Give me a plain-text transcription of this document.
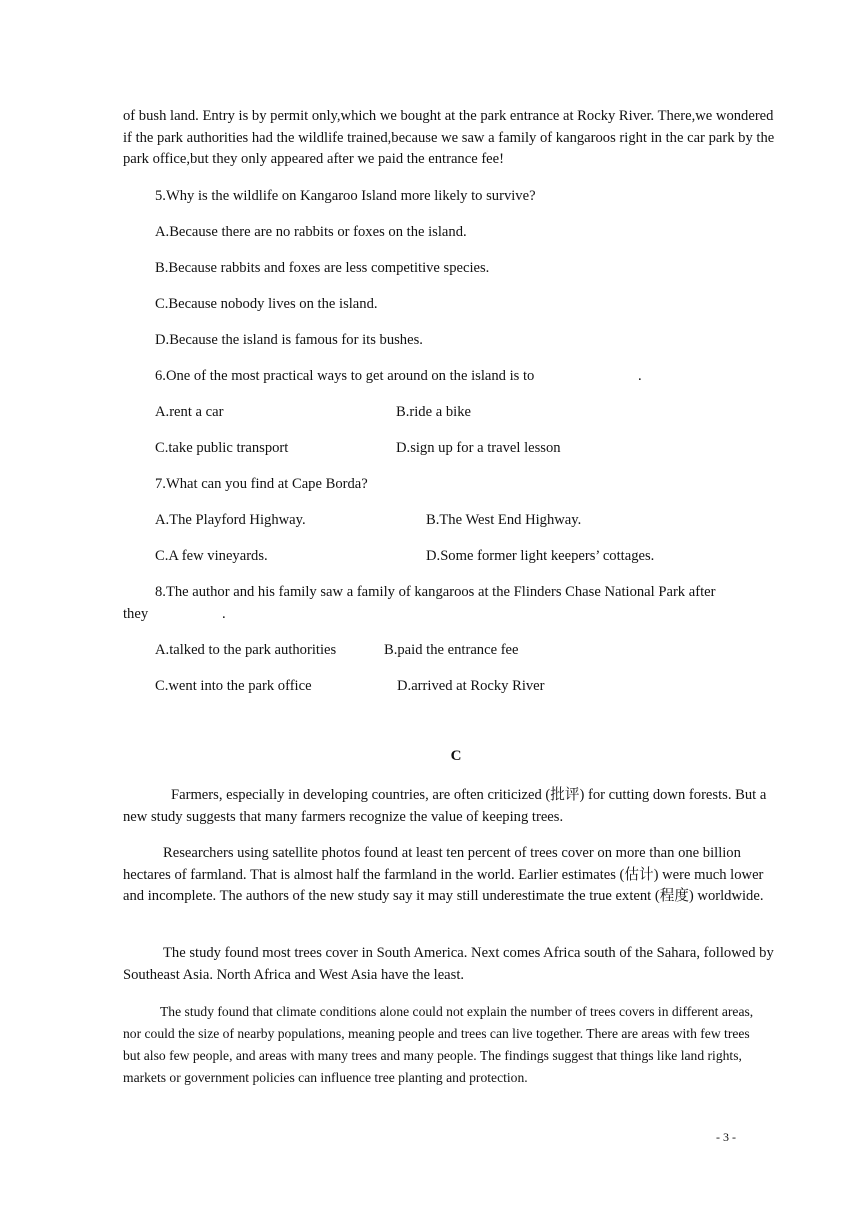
of bush land. Entry is by permit only,which we bought at the park entrance at Rocky River. There,we wondered if the park authorities had the wildlife trained,because we saw a family of kangaroos right in the car park by the park office,but they only appeared after we paid the entrance fee!

5.Why is the wildlife on Kangaroo Island more likely to survive?

A.Because there are no rabbits or foxes on the island.

B.Because rabbits and foxes are less competitive species.

C.Because nobody lives on the island.

D.Because the island is famous for its bushes.

6.One of the most practical ways to get around on the island is to	.

A.rent a car	B.ride a bike

C.take public transport	D.sign up for a travel lesson

7.What can you find at Cape Borda?

A.The Playford Highway.	B.The West End Highway.

C.A few vineyards.	D.Some former light keepers’ cottages.

8.The author and his family saw a family of kangaroos at the Flinders Chase National Park after

they	.

A.talked to the park authorities	B.paid the entrance fee

C.went into the park office	D.arrived at Rocky River
C

Farmers, especially in developing countries, are often criticized (批评) for cutting down forests. But a new study suggests that many farmers recognize the value of keeping trees.

Researchers using satellite photos found at least ten percent of trees cover on more than one billion hectares of farmland. That is almost half the farmland in the world. Earlier estimates (估计) were much lower and incomplete. The authors of the new study say it may still underestimate the true extent (程度) worldwide.

The study found most trees cover in South America. Next comes Africa south of the Sahara, followed by Southeast Asia. North Africa and West Asia have the least.

The study found that climate conditions alone could not explain the number of trees covers in different areas, nor could the size of nearby populations, meaning people and trees can live together. There are areas with few trees but also few people, and areas with many trees and many people. The findings suggest that things like land rights, markets or government policies can influence tree planting and protection.

- 3 -
